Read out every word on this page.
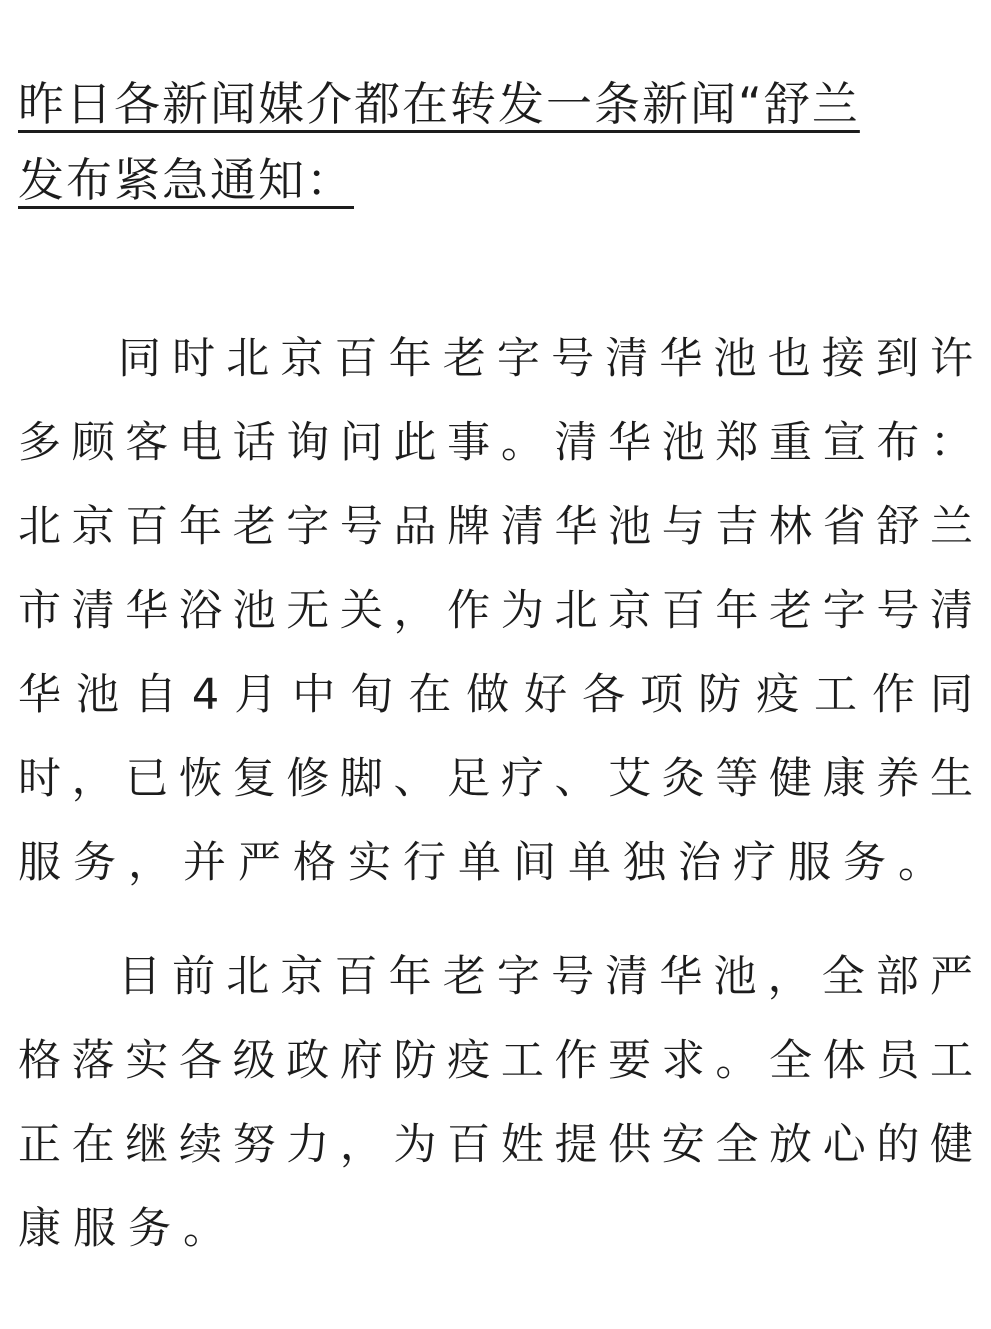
昨日各新闻媒介都在转发一条新闻“舒兰
发布紧急通知：
同时北京百年老字号清华池也接到许
多顾客电话询问此事。清华池郑重宣布：
北京百年老字号品牌清华池与吉林省舒兰
市清华浴池无关，作为北京百年老字号清
华池自4月中旬在做好各项防疫工作同
时，已恢复修脚、足疗、艾灸等健康养生
服务，并严格实行单间单独治疗服务。
目前北京百年老字号清华池，全部严
格落实各级政府防疫工作要求。全体员工
正在继续努力，为百姓提供安全放心的健
康服务。
